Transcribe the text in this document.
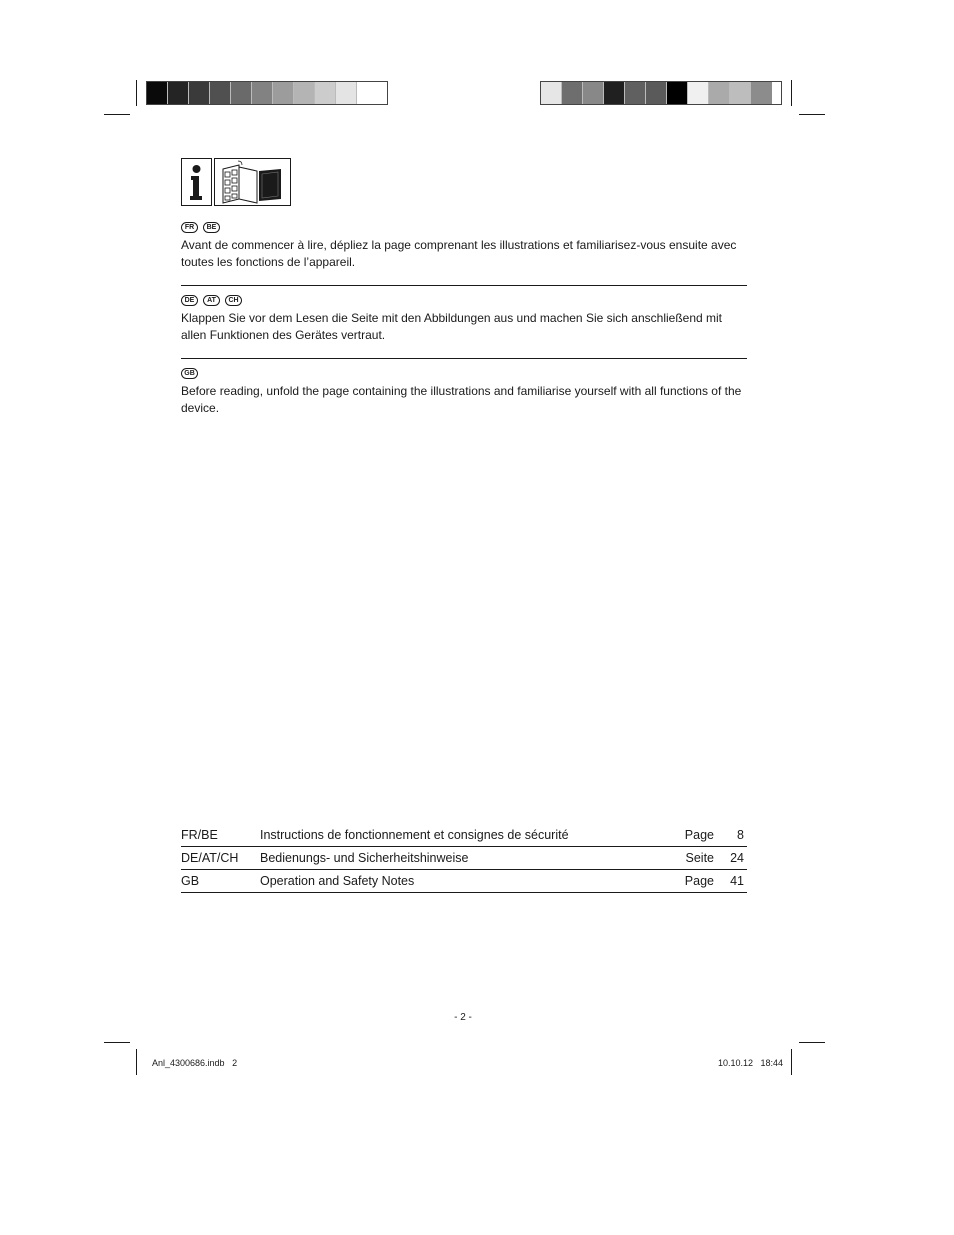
FR	BE
Avant de commencer à lire, dépliez la page comprenant les illustrations et familiarisez-vous ensuite avec toutes les fonctions de l’appareil.
DE	AT	CH
Klappen Sie vor dem Lesen die Seite mit den Abbildungen aus und machen Sie sich anschließend mit allen Funktionen des Gerätes vertraut.
GB
Before reading, unfold the page containing the illustrations and familiarise yourself with all functions of the device.
FR/BE	Instructions de fonctionnement et consignes de sécurité	Page	8
DE/AT/CH	Bedienungs- und Sicherheitshinweise	Seite	24
GB	Operation and Safety Notes	Page	41
- 2 -
Anl_4300686.indb   2	10.10.12   18:44
